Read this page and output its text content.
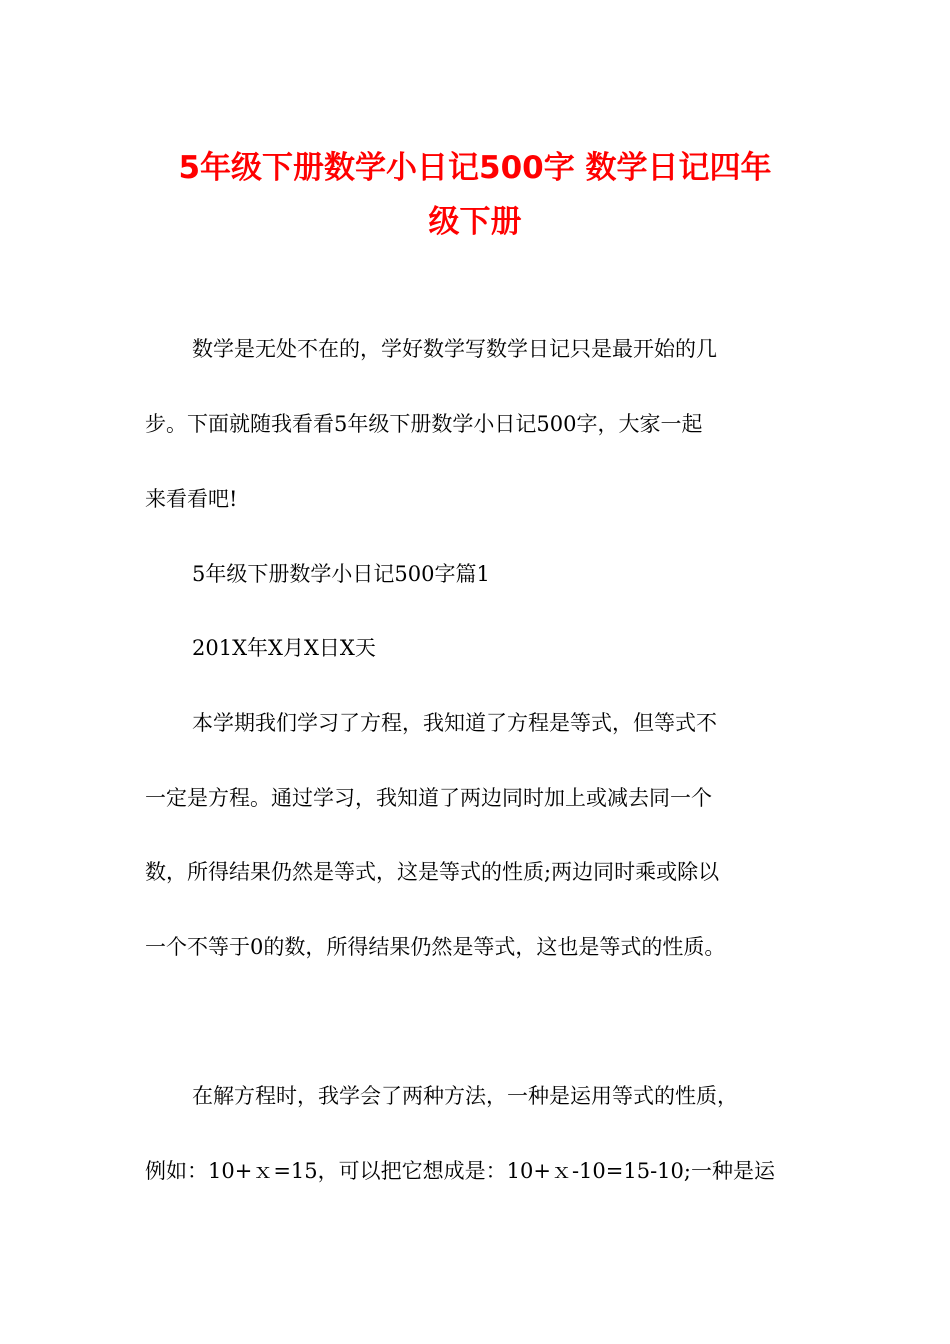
5年级下册数学小日记500字 数学日记四年
级下册

数学是无处不在的，学好数学写数学日记只是最开始的几

步。下面就随我看看5年级下册数学小日记500字，大家一起

来看看吧!

5年级下册数学小日记500字篇1

201X年X月X日X天

本学期我们学习了方程，我知道了方程是等式，但等式不

一定是方程。通过学习，我知道了两边同时加上或减去同一个

数，所得结果仍然是等式，这是等式的性质;两边同时乘或除以

一个不等于0的数，所得结果仍然是等式，这也是等式的性质。

在解方程时，我学会了两种方法，一种是运用等式的性质，

例如：10+ｘ=15，可以把它想成是：10+ｘ-10=15-10;一种是运
